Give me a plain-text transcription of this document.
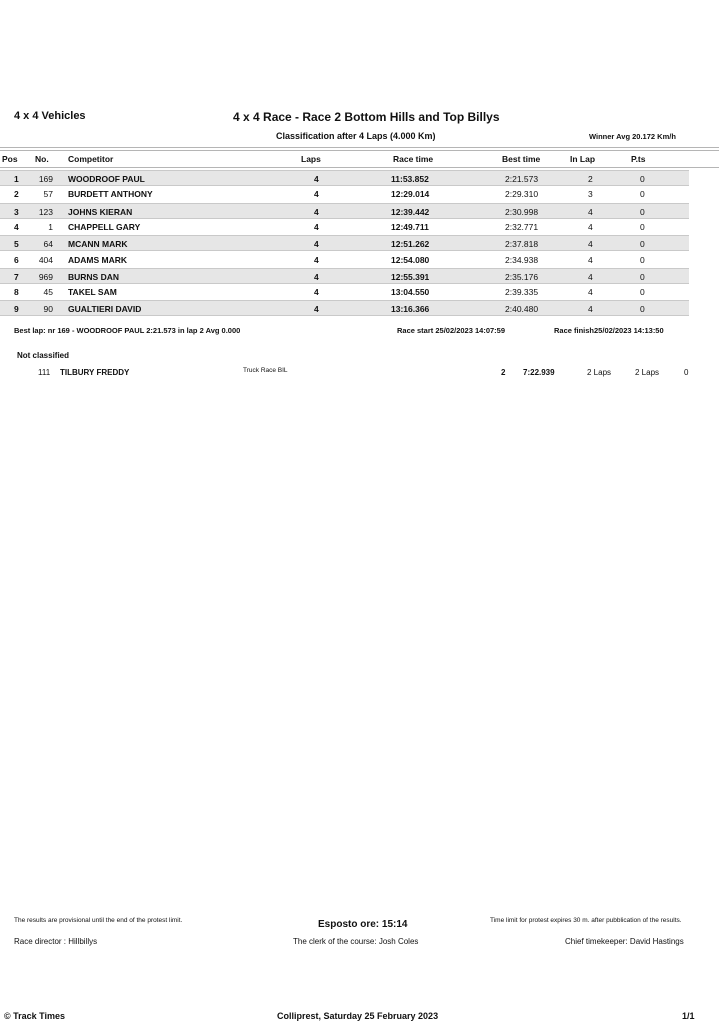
4 x 4 Vehicles	4 x 4 Race - Race 2 Bottom Hills and Top Billys
Classification after 4 Laps (4.000 Km)	Winner Avg 20.172 Km/h
Pos No. Competitor	Laps	Race time	Best time	In Lap	P.ts
1	169 WOODROOF PAUL	4	11:53.852	2:21.573	2	0
2	57 BURDETT ANTHONY	4	12:29.014	2:29.310	3	0
3	123 JOHNS KIERAN	4	12:39.442	2:30.998	4	0
4	1 CHAPPELL GARY	4	12:49.711	2:32.771	4	0
5	64 MCANN MARK	4	12:51.262	2:37.818	4	0
6	404 ADAMS MARK	4	12:54.080	2:34.938	4	0
7	969 BURNS DAN	4	12:55.391	2:35.176	4	0
8	45 TAKEL SAM	4	13:04.550	2:39.335	4	0
9	90 GUALTIERI DAVID	4	13:16.366	2:40.480	4	0
Best lap: nr 169 - WOODROOF PAUL 2:21.573 in lap 2 Avg 0.000	Race start 25/02/2023 14:07:59	Race finish25/02/2023 14:13:50
Not classified
111 TILBURY FREDDY	Truck Race BIL	2 7:22.939	2 Laps	2 Laps	0
The results are provisional until the end of the protest limit.	Esposto ore: 15:14	Time limit for protest expires 30 m. after pubblication of the results.
Race director : Hillbillys	The clerk of the course: Josh Coles	Chief timekeeper: David Hastings
© Track Times	Colliprest, Saturday 25 February 2023	1/1
